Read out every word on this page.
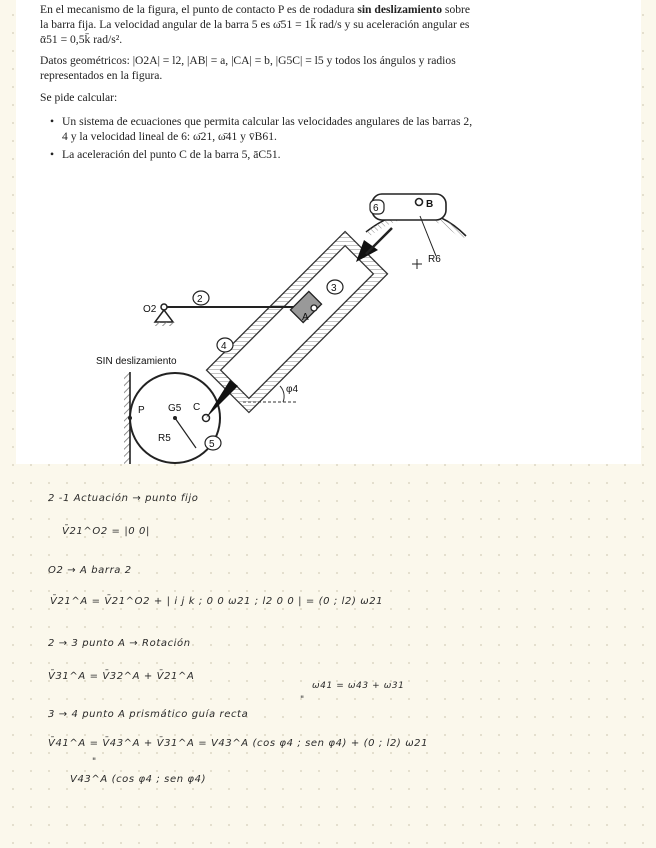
En el mecanismo de la figura, el punto de contacto P es de rodadura sin deslizamiento sobre
la barra fija. La velocidad angular de la barra 5 es ω̄51 = 1k̄ rad/s y su aceleración angular es
ᾱ51 = 0,5k̄ rad/s².
Datos geométricos: |O2A| = l2, |AB| = a, |CA| = b, |G5C| = l5 y todos los ángulos y radios
representados en la figura.
Se pide calcular:
• Un sistema de ecuaciones que permita calcular las velocidades angulares de las barras 2,
4 y la velocidad lineal de 6: ω̄21, ω̄41 y v̄B61.
• La aceleración del punto C de la barra 5, āC51.
6	B
R6
3
A
2
O2
4
φ4
SIN deslizamiento
P G5 C
R5
5
2 -1 Actuación → punto fijo
V̄21^O2 = |0 0|
O2 → A barra 2
V̄21^A = V̄21^O2 + | i j k ; 0 0 ω21 ; l2 0 0 | = (0 ; l2) ω21
2 → 3 punto A → Rotación
V̄31^A = V̄32^A + V̄21^A
ω41 = ω43 + ω31
"
3 → 4 punto A prismático guía recta
V̄41^A = V̄43^A + V̄31^A = V43^A (cos φ4 ; sen φ4) + (0 ; l2) ω21
"
V43^A (cos φ4 ; sen φ4)
